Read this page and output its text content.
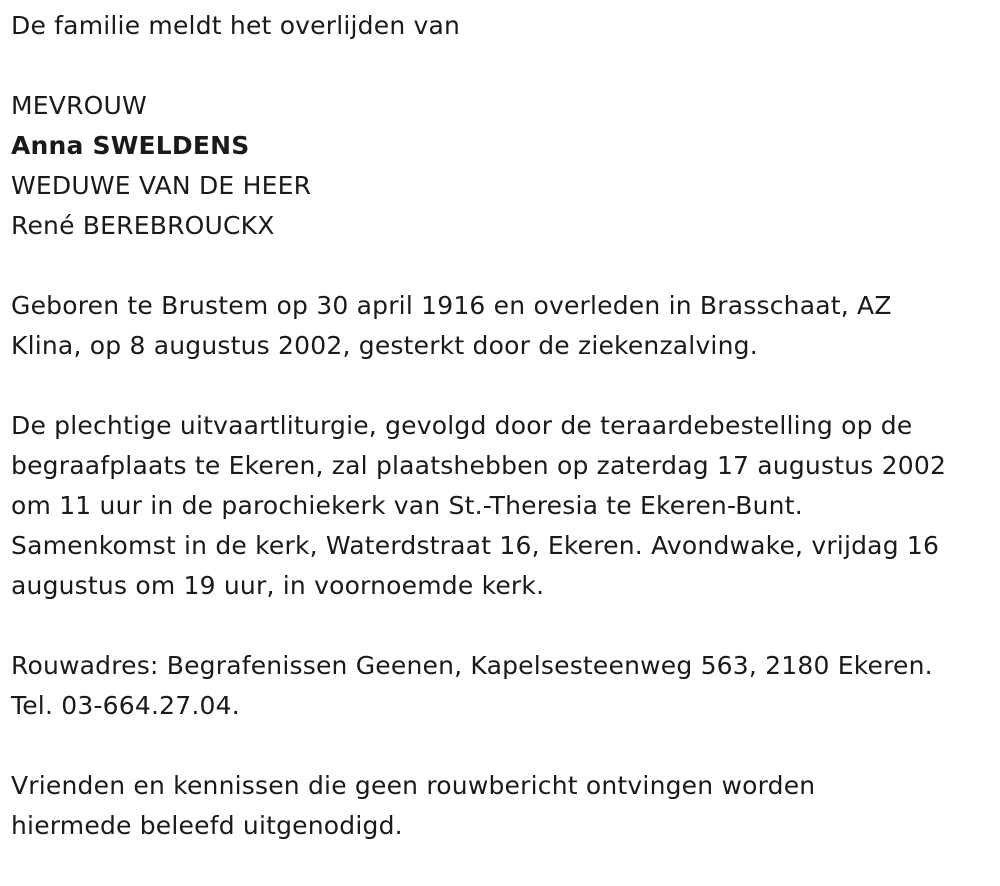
De familie meldt het overlijden van
MEVROUW
Anna SWELDENS
WEDUWE VAN DE HEER
René BEREBROUCKX
Geboren te Brustem op 30 april 1916 en overleden in Brasschaat, AZ
Klina, op 8 augustus 2002, gesterkt door de ziekenzalving.
De plechtige uitvaartliturgie, gevolgd door de teraardebestelling op de
begraafplaats te Ekeren, zal plaatshebben op zaterdag 17 augustus 2002
om 11 uur in de parochiekerk van St.-Theresia te Ekeren-Bunt.
Samenkomst in de kerk, Waterdstraat 16, Ekeren. Avondwake, vrijdag 16
augustus om 19 uur, in voornoemde kerk.
Rouwadres: Begrafenissen Geenen, Kapelsesteenweg 563, 2180 Ekeren.
Tel. 03-664.27.04.
Vrienden en kennissen die geen rouwbericht ontvingen worden
hiermede beleefd uitgenodigd.
